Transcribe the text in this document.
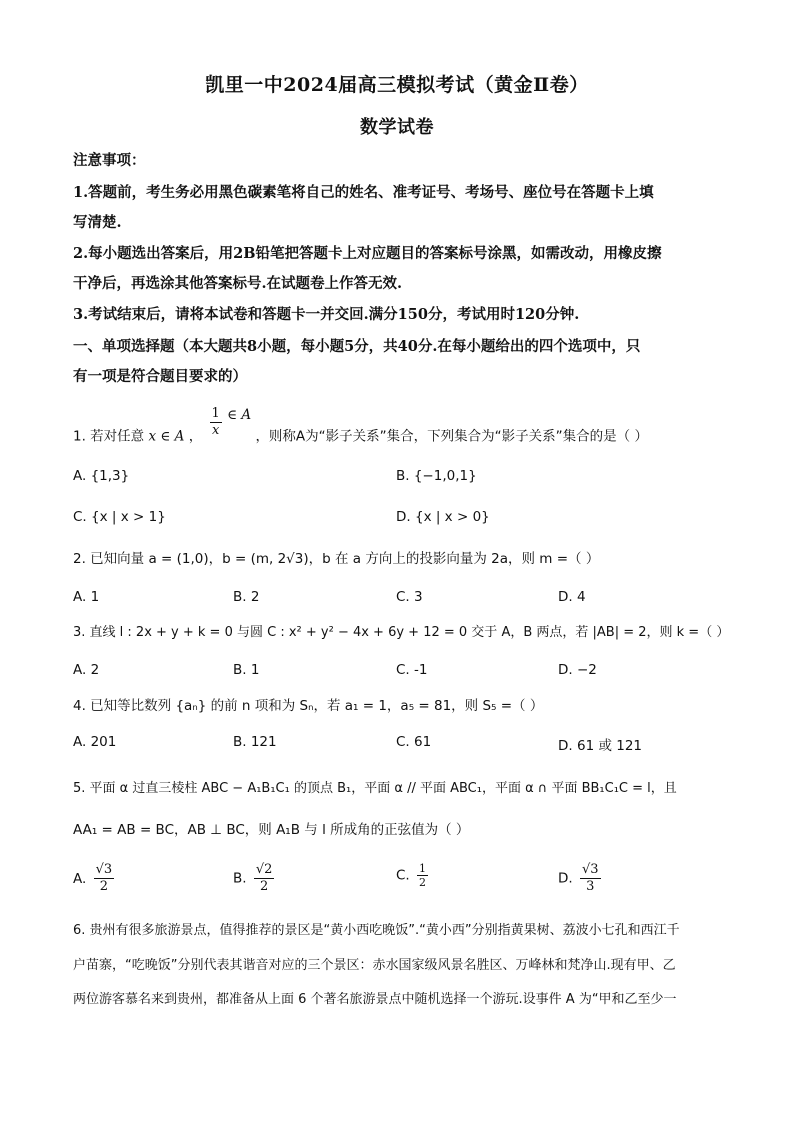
凯里一中2024届高三模拟考试（黄金Ⅱ卷）
数学试卷
注意事项：
1.答题前，考生务必用黑色碳素笔将自己的姓名、准考证号、考场号、座位号在答题卡上填
写清楚.
2.每小题选出答案后，用2B铅笔把答题卡上对应题目的答案标号涂黑，如需改动，用橡皮擦
干净后，再选涂其他答案标号.在试题卷上作答无效.
3.考试结束后，请将本试卷和答题卡一并交回.满分150分，考试用时120分钟.
一、单项选择题（本大题共8小题，每小题5分，共40分.在每小题给出的四个选项中，只
有一项是符合题目要求的）
1. 若对任意 x ∈ A ， $\frac{1}{x}$ ∈ A ，则称A为“影子关系”集合，下列集合为“影子关系”集合的是（ ）
A. {1,3}	B. {−1,0,1}
C. {x | x > 1}	D. {x | x > 0}
2. 已知向量 a = (1,0)，b = (m, 2√3)，b 在 a 方向上的投影向量为 2a，则 m =（ ）
A. 1	B. 2	C. 3	D. 4
3. 直线 l : 2x + y + k = 0 与圆 C : x² + y² − 4x + 6y + 12 = 0 交于 A，B 两点，若 |AB| = 2，则 k =（ ）
A. 2	B. 1	C. -1	D. −2
4. 已知等比数列 {aₙ} 的前 n 项和为 Sₙ，若 a₁ = 1，a₅ = 81，则 S₅ =（ ）
A. 201	B. 121	C. 61	D. 61 或 121
5. 平面 α 过直三棱柱 ABC − A₁B₁C₁ 的顶点 B₁，平面 α // 平面 ABC₁，平面 α ∩ 平面 BB₁C₁C = l，且
AA₁ = AB = BC，AB ⊥ BC，则 A₁B 与 l 所成角的正弦值为（ ）
A. $\frac{√3}{2}$	B. $\frac{√2}{2}$	C. $\frac{1}{2}$	D. $\frac{√3}{3}$
6. 贵州有很多旅游景点，值得推荐的景区是“黄小西吃晚饭”.“黄小西”分别指黄果树、荔波小七孔和西江千
户苗寨，“吃晚饭”分别代表其谐音对应的三个景区：赤水国家级风景名胜区、万峰林和梵净山.现有甲、乙
两位游客慕名来到贵州，都准备从上面 6 个著名旅游景点中随机选择一个游玩.设事件 A 为“甲和乙至少一
